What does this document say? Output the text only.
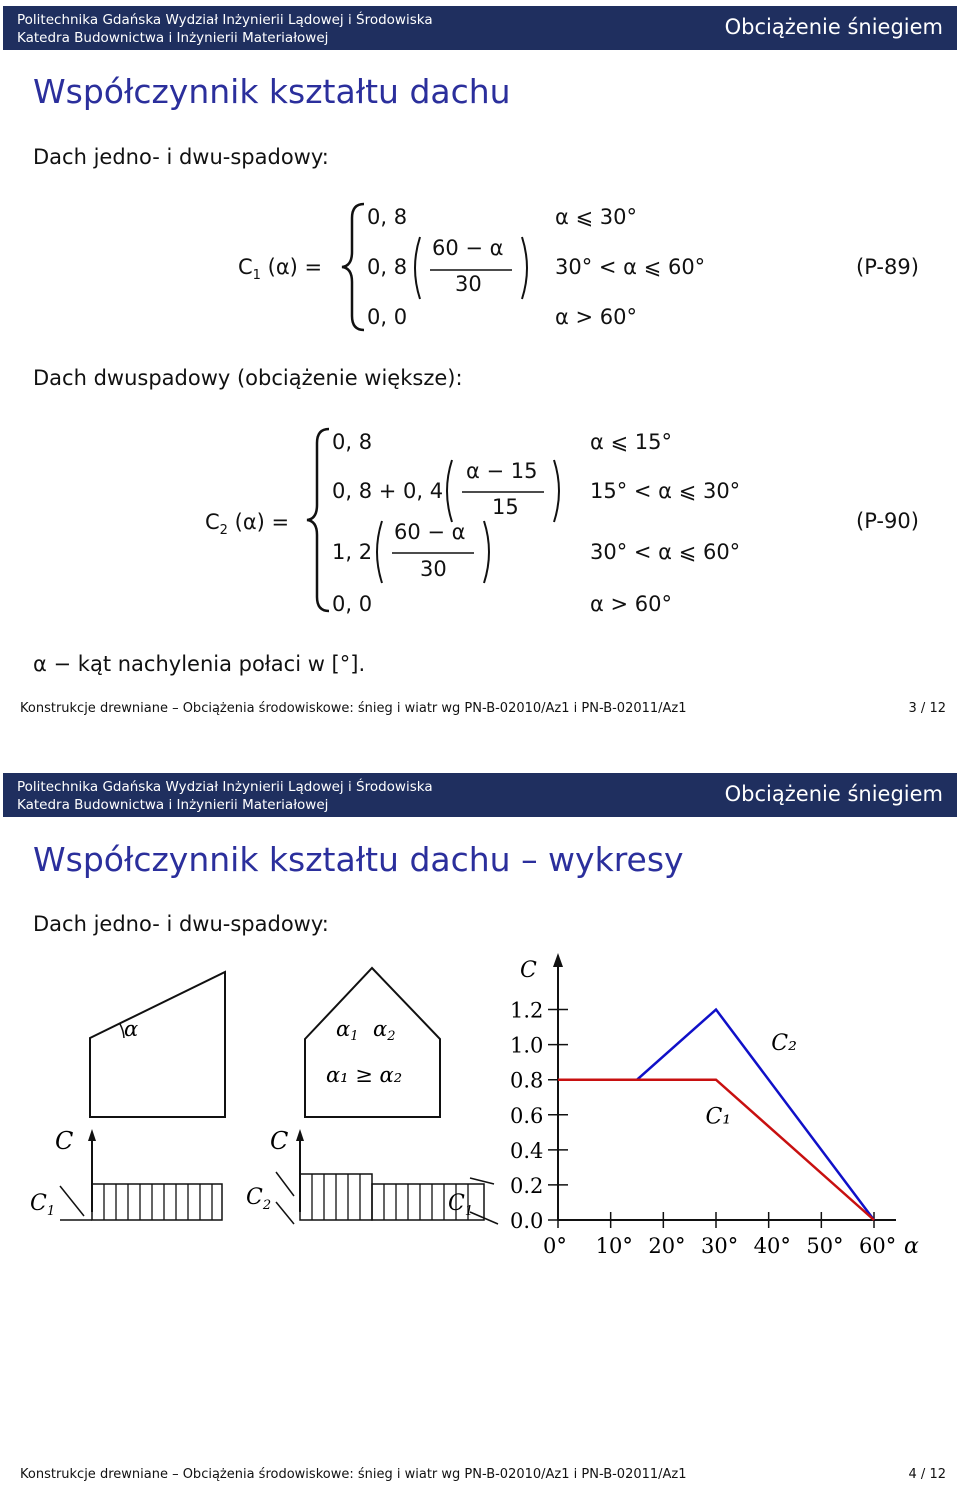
Politechnika Gdańska Wydział Inżynierii Lądowej i Środowiska
Katedra Budownictwa i Inżynierii Materiałowej	Obciążenie śniegiem
Współczynnik kształtu dachu
Dach jedno- i dwu-spadowy:
$C_1$ (α) =
0, 8
0, 8
60 − α
30
0, 0
α ⩽ 30°
30° < α ⩽ 60°
α > 60°
(P-89)
Dach dwuspadowy (obciążenie większe):
$C_2$ (α) =
0, 8
0, 8 + 0, 4
α − 15
15
1, 2
60 − α
30
0, 0
α ⩽ 15°
15° < α ⩽ 30°
30° < α ⩽ 60°
α > 60°
(P-90)
α − kąt nachylenia połaci w [°].
Konstrukcje drewniane – Obciążenia środowiskowe: śnieg i wiatr wg PN-B-02010/Az1 i PN-B-02011/Az1	3 / 12
Politechnika Gdańska Wydział Inżynierii Lądowej i Środowiska
Katedra Budownictwa i Inżynierii Materiałowej	Obciążenie śniegiem
Współczynnik kształtu dachu – wykresy
Dach jedno- i dwu-spadowy:
α
C
$C_1$
α1 α2
α₁ ≥ α₂
C
$C_2$	$C_1$ 0.0
0.2
0.4
0.6
0.8
1.0
1.2
0° 10° 20° 30° 40° 50° 60°
C
α
C₂
C₁
Konstrukcje drewniane – Obciążenia środowiskowe: śnieg i wiatr wg PN-B-02010/Az1 i PN-B-02011/Az1	4 / 12
